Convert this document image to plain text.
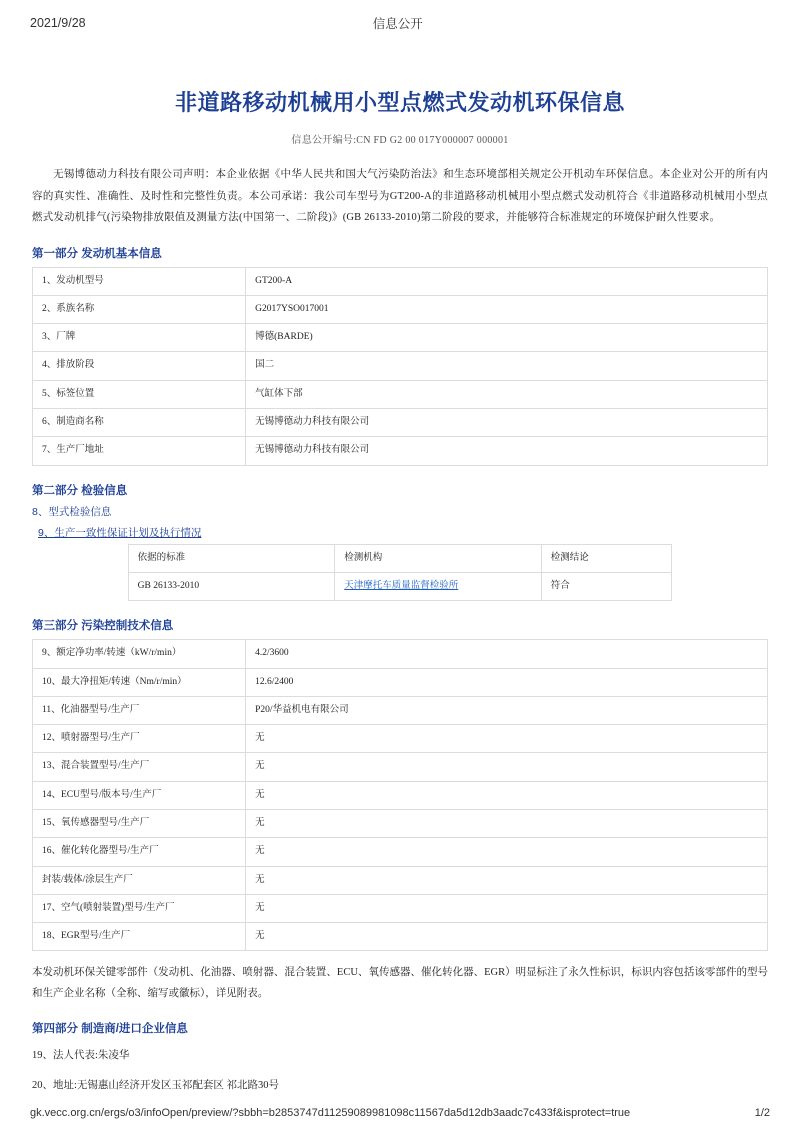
2021/9/28	信息公开
非道路移动机械用小型点燃式发动机环保信息
信息公开编号:CN FD G2 00 017Y000007 000001

无锡博德动力科技有限公司声明：本企业依据《中华人民共和国大气污染防治法》和生态环境部相关规定公开机动车环保信息。本企业对公开的所有内容的真实性、准确性、及时性和完整性负责。本公司承诺：我公司车型号为GT200-A的非道路移动机械用小型点燃式发动机符合《非道路移动机械用小型点燃式发动机排气(污染物排放限值及测量方法(中国第一、二阶段)》(GB 26133-2010)第二阶段的要求，并能够符合标准规定的环境保护耐久性要求。

第一部分 发动机基本信息
1、发动机型号	GT200-A
2、系族名称	G2017YSO017001
3、厂牌	博德(BARDE)
4、排放阶段	国二
5、标签位置	气缸体下部
6、制造商名称	无锡博德动力科技有限公司
7、生产厂地址	无锡博德动力科技有限公司
第二部分 检验信息
8、型式检验信息
9、生产一致性保证计划及执行情况
依据的标准	检测机构	检测结论
GB 26133-2010	天津摩托车质量监督检验所	符合
第三部分 污染控制技术信息
9、额定净功率/转速（kW/r/min）	4.2/3600
10、最大净扭矩/转速（Nm/r/min）	12.6/2400
11、化油器型号/生产厂	P20/华益机电有限公司
12、喷射器型号/生产厂	无
13、混合装置型号/生产厂	无
14、ECU型号/版本号/生产厂	无
15、氧传感器型号/生产厂	无
16、催化转化器型号/生产厂	无
封装/载体/涂层生产厂	无
17、空气(喷射装置)型号/生产厂	无
18、EGR型号/生产厂	无
本发动机环保关键零部件（发动机、化油器、喷射器、混合装置、ECU、氧传感器、催化转化器、EGR）明显标注了永久性标识，标识内容包括该零部件的型号和生产企业名称（全称、缩写或徽标），详见附表。
第四部分 制造商/进口企业信息
19、法人代表:朱凌华
20、地址:无锡惠山经济开发区玉祁配套区 祁北路30号
gk.vecc.org.cn/ergs/o3/infoOpen/preview/?sbbh=b2853747d11259089981098c11567da5d12db3aadc7c433f&isprotect=true	1/2
